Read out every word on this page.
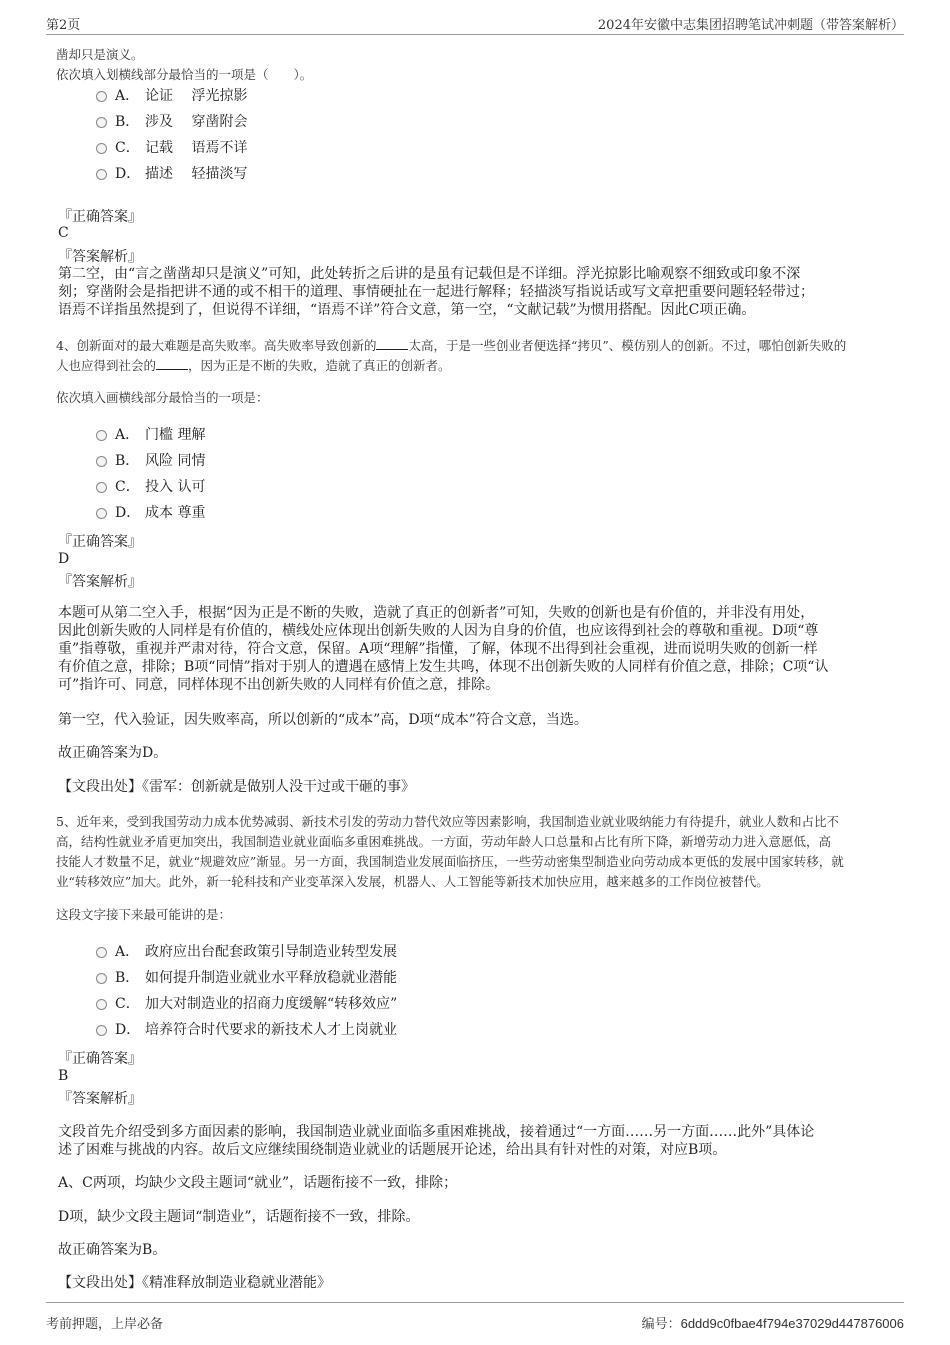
第2页	2024年安徽中志集团招聘笔试冲刺题（带答案解析）
凿却只是演义。
依次填入划横线部分最恰当的一项是（　　）。
A． 论证　 浮光掠影
B． 涉及　 穿凿附会
C． 记载　 语焉不详
D． 描述　 轻描淡写
『正确答案』
C
『答案解析』
第二空，由“言之凿凿却只是演义”可知，此处转折之后讲的是虽有记载但是不详细。浮光掠影比喻观察不细致或印象不深
刻；穿凿附会是指把讲不通的或不相干的道理、事情硬扯在一起进行解释；轻描淡写指说话或写文章把重要问题轻轻带过；
语焉不详指虽然提到了，但说得不详细，“语焉不详”符合文意，第一空，“文献记载”为惯用搭配。因此C项正确。
4、创新面对的最大难题是高失败率。高失败率导致创新的	太高，于是一些创业者便选择“拷贝”、模仿别人的创新。不过，哪怕创新失败的
人也应得到社会的	，因为正是不断的失败，造就了真正的创新者。
依次填入画横线部分最恰当的一项是：
A． 门槛 理解
B． 风险 同情
C． 投入 认可
D． 成本 尊重
『正确答案』
D
『答案解析』
本题可从第二空入手，根据“因为正是不断的失败，造就了真正的创新者”可知，失败的创新也是有价值的，并非没有用处，
因此创新失败的人同样是有价值的，横线处应体现出创新失败的人因为自身的价值，也应该得到社会的尊敬和重视。D项“尊
重”指尊敬，重视并严肃对待，符合文意，保留。A项“理解”指懂，了解，体现不出得到社会重视，进而说明失败的创新一样
有价值之意，排除；B项“同情”指对于别人的遭遇在感情上发生共鸣，体现不出创新失败的人同样有价值之意，排除；C项“认
可”指许可、同意，同样体现不出创新失败的人同样有价值之意，排除。
第一空，代入验证，因失败率高，所以创新的“成本”高，D项“成本”符合文意，当选。
故正确答案为D。
【文段出处】《雷军：创新就是做别人没干过或干砸的事》
5、近年来，受到我国劳动力成本优势减弱、新技术引发的劳动力替代效应等因素影响，我国制造业就业吸纳能力有待提升，就业人数和占比不
高，结构性就业矛盾更加突出，我国制造业就业面临多重困难挑战。一方面，劳动年龄人口总量和占比有所下降，新增劳动力进入意愿低，高
技能人才数量不足，就业“规避效应”渐显。另一方面，我国制造业发展面临挤压，一些劳动密集型制造业向劳动成本更低的发展中国家转移，就
业“转移效应”加大。此外，新一轮科技和产业变革深入发展，机器人、人工智能等新技术加快应用，越来越多的工作岗位被替代。
这段文字接下来最可能讲的是：
A． 政府应出台配套政策引导制造业转型发展
B． 如何提升制造业就业水平释放稳就业潜能
C． 加大对制造业的招商力度缓解“转移效应”
D． 培养符合时代要求的新技术人才上岗就业
『正确答案』
B
『答案解析』
文段首先介绍受到多方面因素的影响，我国制造业就业面临多重困难挑战，接着通过“一方面……另一方面……此外”具体论
述了困难与挑战的内容。故后文应继续围绕制造业就业的话题展开论述，给出具有针对性的对策，对应B项。
A、C两项，均缺少文段主题词“就业”，话题衔接不一致，排除；
D项，缺少文段主题词“制造业”，话题衔接不一致，排除。
故正确答案为B。
【文段出处】《精准释放制造业稳就业潜能》
考前押题，上岸必备	编号：6ddd9c0fbae4f794e37029d447876006
